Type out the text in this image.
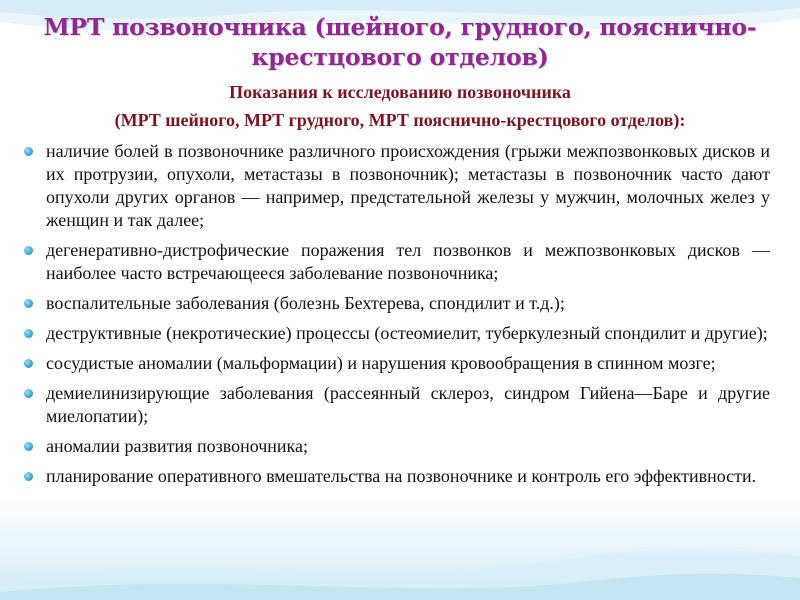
МРТ позвоночника (шейного, грудного, пояснично-крестцового отделов)
Показания к исследованию позвоночника
(МРТ шейного, МРТ грудного, МРТ пояснично-крестцового отделов):
наличие болей в позвоночнике различного происхождения (грыжи межпозвонковых дисков и их протрузии, опухоли, метастазы в позвоночник); метастазы в позвоночник часто дают опухоли других органов — например, предстательной железы у мужчин, молочных желез у женщин и так далее;
дегенеративно-дистрофические поражения тел позвонков и межпозвонковых дисков — наиболее часто встречающееся заболевание позвоночника;
воспалительные заболевания (болезнь Бехтерева, спондилит и т.д.);
деструктивные (некротические) процессы (остеомиелит, туберкулезный спондилит и другие);
сосудистые аномалии (мальформации) и нарушения кровообращения в спинном мозге;
демиелинизирующие заболевания (рассеянный склероз, синдром Гийена—Баре и другие миелопатии);
аномалии развития позвоночника;
планирование оперативного вмешательства на позвоночнике и контроль его эффективности.
